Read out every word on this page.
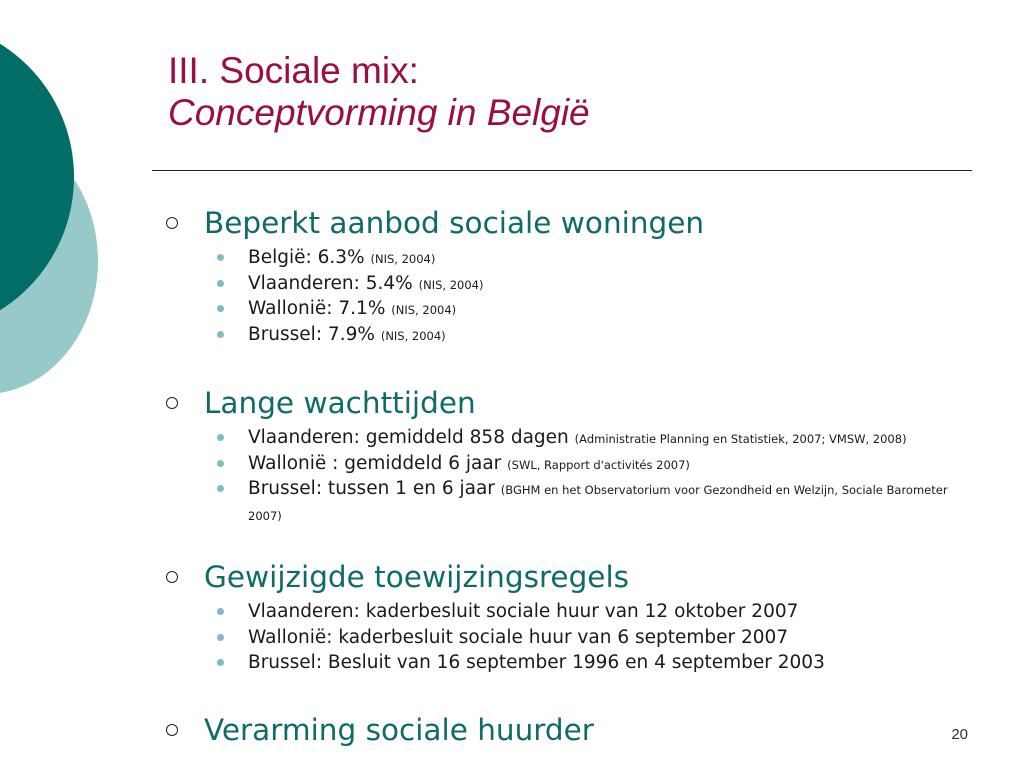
III. Sociale mix:
Conceptvorming in België
Beperkt aanbod sociale woningen
België: 6.3% (NIS, 2004)
Vlaanderen: 5.4% (NIS, 2004)
Wallonië: 7.1% (NIS, 2004)
Brussel: 7.9% (NIS, 2004)
Lange wachttijden
Vlaanderen: gemiddeld 858 dagen (Administratie Planning en Statistiek, 2007; VMSW, 2008)
Wallonië : gemiddeld 6 jaar (SWL, Rapport d'activités 2007)
Brussel: tussen 1 en 6 jaar (BGHM en het Observatorium voor Gezondheid en Welzijn, Sociale Barometer 2007)
Gewijzigde toewijzingsregels
Vlaanderen: kaderbesluit sociale huur van 12 oktober 2007
Wallonië: kaderbesluit sociale huur van 6 september 2007
Brussel: Besluit van 16 september 1996 en 4 september 2003
Verarming sociale huurder	20
